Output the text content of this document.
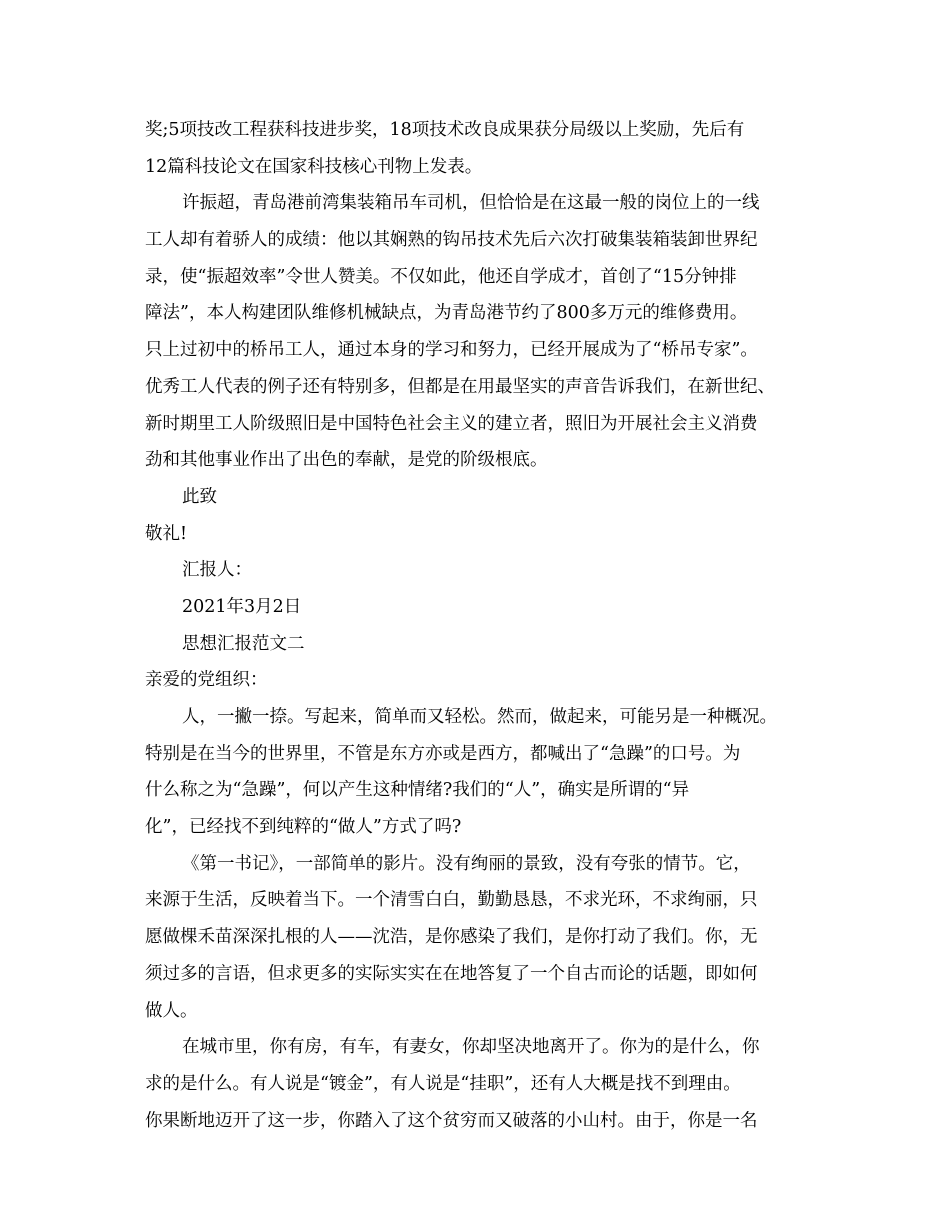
奖;5项技改工程获科技进步奖，18项技术改良成果获分局级以上奖励，先后有
12篇科技论文在国家科技核心刊物上发表。
许振超，青岛港前湾集装箱吊车司机，但恰恰是在这最一般的岗位上的一线
工人却有着骄人的成绩：他以其娴熟的钩吊技术先后六次打破集装箱装卸世界纪
录，使“振超效率”令世人赞美。不仅如此，他还自学成才，首创了“15分钟排
障法”，本人构建团队维修机械缺点，为青岛港节约了800多万元的维修费用。
只上过初中的桥吊工人，通过本身的学习和努力，已经开展成为了“桥吊专家”。
优秀工人代表的例子还有特别多，但都是在用最坚实的声音告诉我们，在新世纪、
新时期里工人阶级照旧是中国特色社会主义的建立者，照旧为开展社会主义消费
劲和其他事业作出了出色的奉献，是党的阶级根底。
此致
敬礼!
汇报人：
2021年3月2日
思想汇报范文二
亲爱的党组织：
人，一撇一捺。写起来，简单而又轻松。然而，做起来，可能另是一种概况。
特别是在当今的世界里，不管是东方亦或是西方，都喊出了“急躁”的口号。为
什么称之为“急躁”，何以产生这种情绪?我们的“人”，确实是所谓的“异
化”，已经找不到纯粹的“做人”方式了吗?
《第一书记》，一部简单的影片。没有绚丽的景致，没有夸张的情节。它，
来源于生活，反映着当下。一个清雪白白，勤勤恳恳，不求光环，不求绚丽，只
愿做棵禾苗深深扎根的人——沈浩，是你感染了我们，是你打动了我们。你，无
须过多的言语，但求更多的实际实实在在地答复了一个自古而论的话题，即如何
做人。
在城市里，你有房，有车，有妻女，你却坚决地离开了。你为的是什么，你
求的是什么。有人说是“镀金”，有人说是“挂职”，还有人大概是找不到理由。
你果断地迈开了这一步，你踏入了这个贫穷而又破落的小山村。由于，你是一名
